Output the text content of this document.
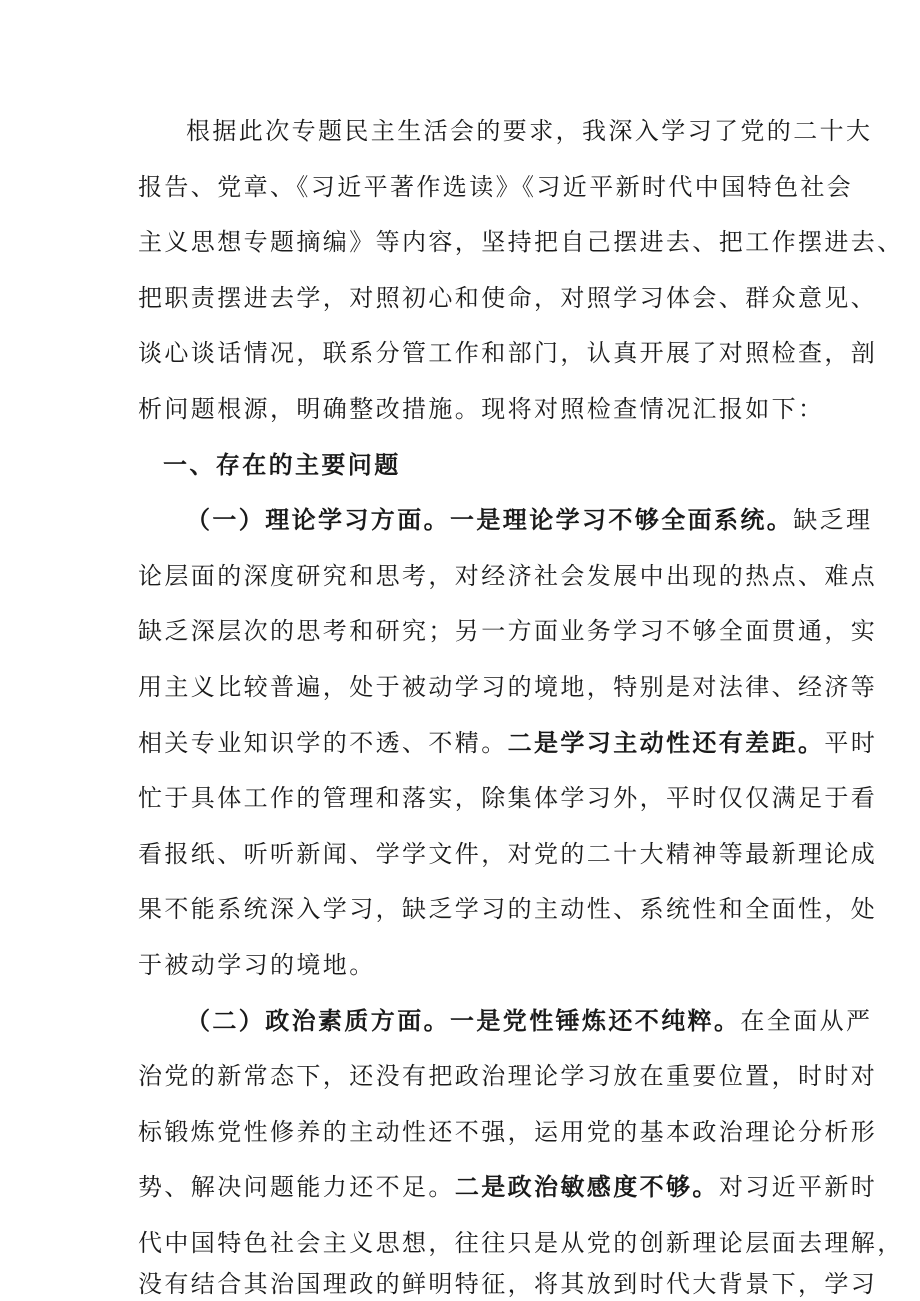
根据此次专题民主生活会的要求，我深入学习了党的二十大
报告、党章、《习近平著作选读》《习近平新时代中国特色社会
主义思想专题摘编》等内容，坚持把自己摆进去、把工作摆进去、
把职责摆进去学，对照初心和使命，对照学习体会、群众意见、
谈心谈话情况，联系分管工作和部门，认真开展了对照检查，剖
析问题根源，明确整改措施。现将对照检查情况汇报如下：
一、存在的主要问题
（一）理论学习方面。一是理论学习不够全面系统。缺乏理
论层面的深度研究和思考，对经济社会发展中出现的热点、难点
缺乏深层次的思考和研究；另一方面业务学习不够全面贯通，实
用主义比较普遍，处于被动学习的境地，特别是对法律、经济等
相关专业知识学的不透、不精。二是学习主动性还有差距。平时
忙于具体工作的管理和落实，除集体学习外，平时仅仅满足于看
看报纸、听听新闻、学学文件，对党的二十大精神等最新理论成
果不能系统深入学习，缺乏学习的主动性、系统性和全面性，处
于被动学习的境地。
（二）政治素质方面。一是党性锤炼还不纯粹。在全面从严
治党的新常态下，还没有把政治理论学习放在重要位置，时时对
标锻炼党性修养的主动性还不强，运用党的基本政治理论分析形
势、解决问题能力还不足。二是政治敏感度不够。对习近平新时
代中国特色社会主义思想，往往只是从党的创新理论层面去理解，
没有结合其治国理政的鲜明特征，将其放到时代大背景下，学习
